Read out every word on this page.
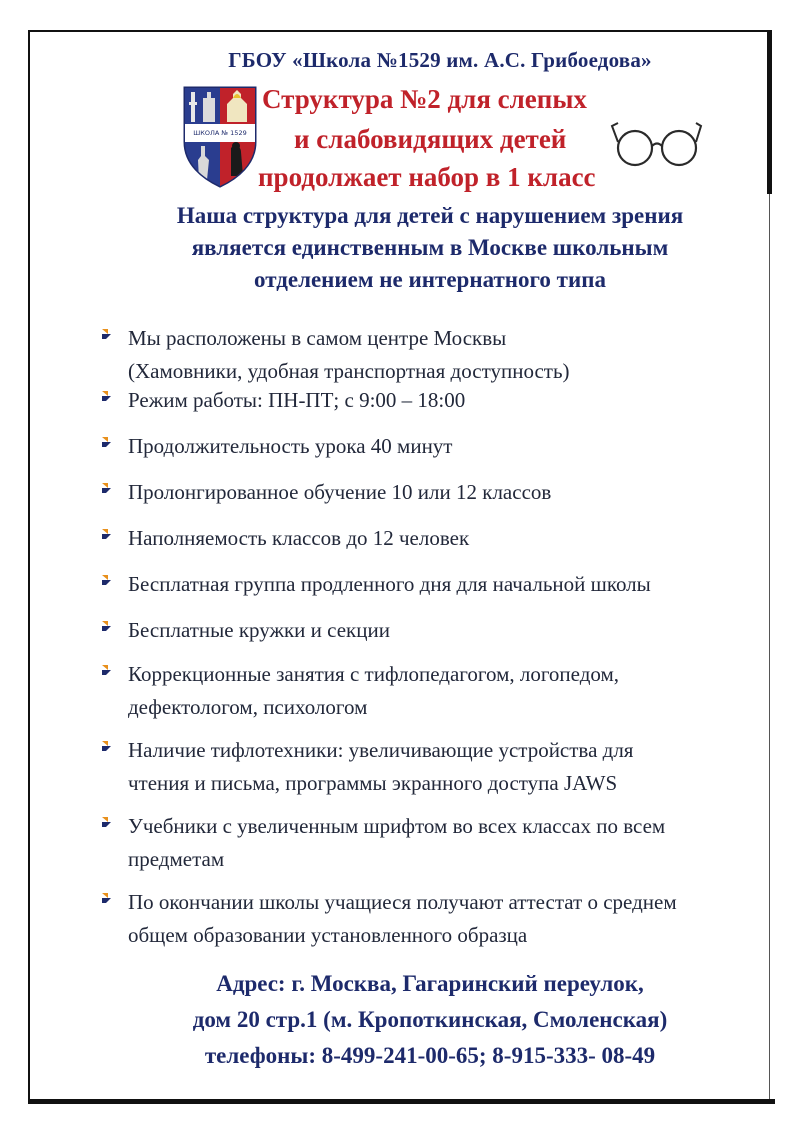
ГБОУ «Школа №1529 им. А.С. Грибоедова»
ШКОЛА № 1529
Структура №2 для слепых
и слабовидящих детей
продолжает набор в 1 класс
Наша структура для детей с нарушением зрения
является единственным в Москве школьным
отделением не интернатного типа
Мы расположены в самом центре Москвы
(Хамовники, удобная транспортная доступность)
Режим работы: ПН-ПТ; с 9:00 – 18:00
Продолжительность урока 40 минут
Пролонгированное обучение 10 или 12 классов
Наполняемость классов до 12 человек
Бесплатная группа продленного дня для начальной школы
Бесплатные кружки и секции
Коррекционные занятия с тифлопедагогом, логопедом,
дефектологом, психологом
Наличие тифлотехники: увеличивающие устройства для
чтения и письма, программы экранного доступа JAWS
Учебники с увеличенным шрифтом во всех классах по всем
предметам
По окончании школы учащиеся получают аттестат о среднем
общем образовании установленного образца
Адрес: г. Москва, Гагаринский переулок,
дом 20 стр.1 (м. Кропоткинская, Смоленская)
телефоны: 8-499-241-00-65; 8-915-333- 08-49
